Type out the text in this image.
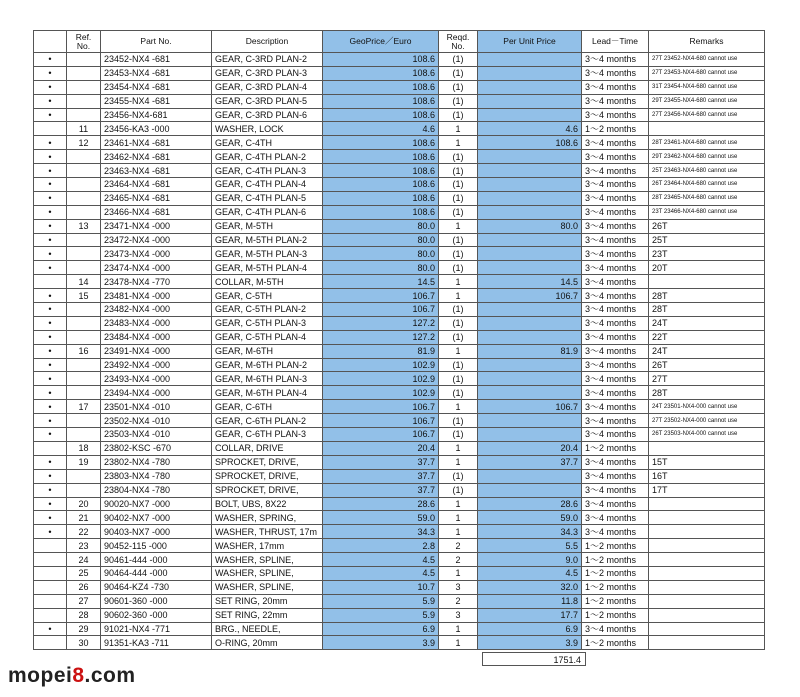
	Ref. No.	Part No.	Description	GeoPrice／Euro	Reqd. No.	Per Unit Price	Lead－Time	Remarks
•		23452-NX4 -681	GEAR, C-3RD PLAN-2	108.6	(1)		3～4 months	27T 23452-NX4-680 cannot use
•		23453-NX4 -681	GEAR, C-3RD PLAN-3	108.6	(1)		3～4 months	27T 23453-NX4-680 cannot use
•		23454-NX4 -681	GEAR, C-3RD PLAN-4	108.6	(1)		3～4 months	31T 23454-NX4-680 cannot use
•		23455-NX4 -681	GEAR, C-3RD PLAN-5	108.6	(1)		3～4 months	29T 23455-NX4-680 cannot use
•		23456-NX4-681	GEAR, C-3RD PLAN-6	108.6	(1)		3～4 months	27T 23456-NX4-680 cannot use
	11	23456-KA3 -000	WASHER, LOCK	4.6	1	4.6	1～2 months	
•	12	23461-NX4 -681	GEAR, C-4TH	108.6	1	108.6	3～4 months	28T 23461-NX4-680 cannot use
•		23462-NX4 -681	GEAR, C-4TH PLAN-2	108.6	(1)		3～4 months	29T 23462-NX4-680 cannot use
•		23463-NX4 -681	GEAR, C-4TH PLAN-3	108.6	(1)		3～4 months	25T 23463-NX4-680 cannot use
•		23464-NX4 -681	GEAR, C-4TH PLAN-4	108.6	(1)		3～4 months	26T 23464-NX4-680 cannot use
•		23465-NX4 -681	GEAR, C-4TH PLAN-5	108.6	(1)		3～4 months	28T 23465-NX4-680 cannot use
•		23466-NX4 -681	GEAR, C-4TH PLAN-6	108.6	(1)		3～4 months	23T 23466-NX4-680 cannot use
•	13	23471-NX4 -000	GEAR, M-5TH	80.0	1	80.0	3～4 months	26T
•		23472-NX4 -000	GEAR, M-5TH PLAN-2	80.0	(1)		3～4 months	25T
•		23473-NX4 -000	GEAR, M-5TH PLAN-3	80.0	(1)		3～4 months	23T
•		23474-NX4 -000	GEAR, M-5TH PLAN-4	80.0	(1)		3～4 months	20T
	14	23478-NX4 -770	COLLAR, M-5TH	14.5	1	14.5	3～4 months	
•	15	23481-NX4 -000	GEAR, C-5TH	106.7	1	106.7	3～4 months	28T
•		23482-NX4 -000	GEAR, C-5TH PLAN-2	106.7	(1)		3～4 months	28T
•		23483-NX4 -000	GEAR, C-5TH PLAN-3	127.2	(1)		3～4 months	24T
•		23484-NX4 -000	GEAR, C-5TH PLAN-4	127.2	(1)		3～4 months	22T
•	16	23491-NX4 -000	GEAR, M-6TH	81.9	1	81.9	3～4 months	24T
•		23492-NX4 -000	GEAR, M-6TH PLAN-2	102.9	(1)		3～4 months	26T
•		23493-NX4 -000	GEAR, M-6TH PLAN-3	102.9	(1)		3～4 months	27T
•		23494-NX4 -000	GEAR, M-6TH PLAN-4	102.9	(1)		3～4 months	28T
•	17	23501-NX4 -010	GEAR, C-6TH	106.7	1	106.7	3～4 months	24T 23501-NX4-000 cannot use
•		23502-NX4 -010	GEAR, C-6TH PLAN-2	106.7	(1)		3～4 months	27T 23502-NX4-000 cannot use
•		23503-NX4 -010	GEAR, C-6TH PLAN-3	106.7	(1)		3～4 months	26T 23503-NX4-000 cannot use
	18	23802-KSC -670	COLLAR, DRIVE	20.4	1	20.4	1～2 months	
•	19	23802-NX4 -780	SPROCKET, DRIVE,	37.7	1	37.7	3～4 months	15T
•		23803-NX4 -780	SPROCKET, DRIVE,	37.7	(1)		3～4 months	16T
•		23804-NX4 -780	SPROCKET, DRIVE,	37.7	(1)		3～4 months	17T
•	20	90020-NX7 -000	BOLT, UBS, 8X22	28.6	1	28.6	3～4 months	
•	21	90402-NX7 -000	WASHER, SPRING,	59.0	1	59.0	3～4 months	
•	22	90403-NX7 -000	WASHER, THRUST, 17m	34.3	1	34.3	3～4 months	
	23	90452-115 -000	WASHER, 17mm	2.8	2	5.5	1～2 months	
	24	90461-444 -000	WASHER, SPLINE,	4.5	2	9.0	1～2 months	
	25	90464-444 -000	WASHER, SPLINE,	4.5	1	4.5	1～2 months	
	26	90464-KZ4 -730	WASHER, SPLINE,	10.7	3	32.0	1～2 months	
	27	90601-360 -000	SET RING, 20mm	5.9	2	11.8	1～2 months	
	28	90602-360 -000	SET RING, 22mm	5.9	3	17.7	1～2 months	
•	29	91021-NX4 -771	BRG., NEEDLE,	6.9	1	6.9	3～4 months	
	30	91351-KA3 -711	O-RING, 20mm	3.9	1	3.9	1～2 months	
1751.4
mopei8.com
